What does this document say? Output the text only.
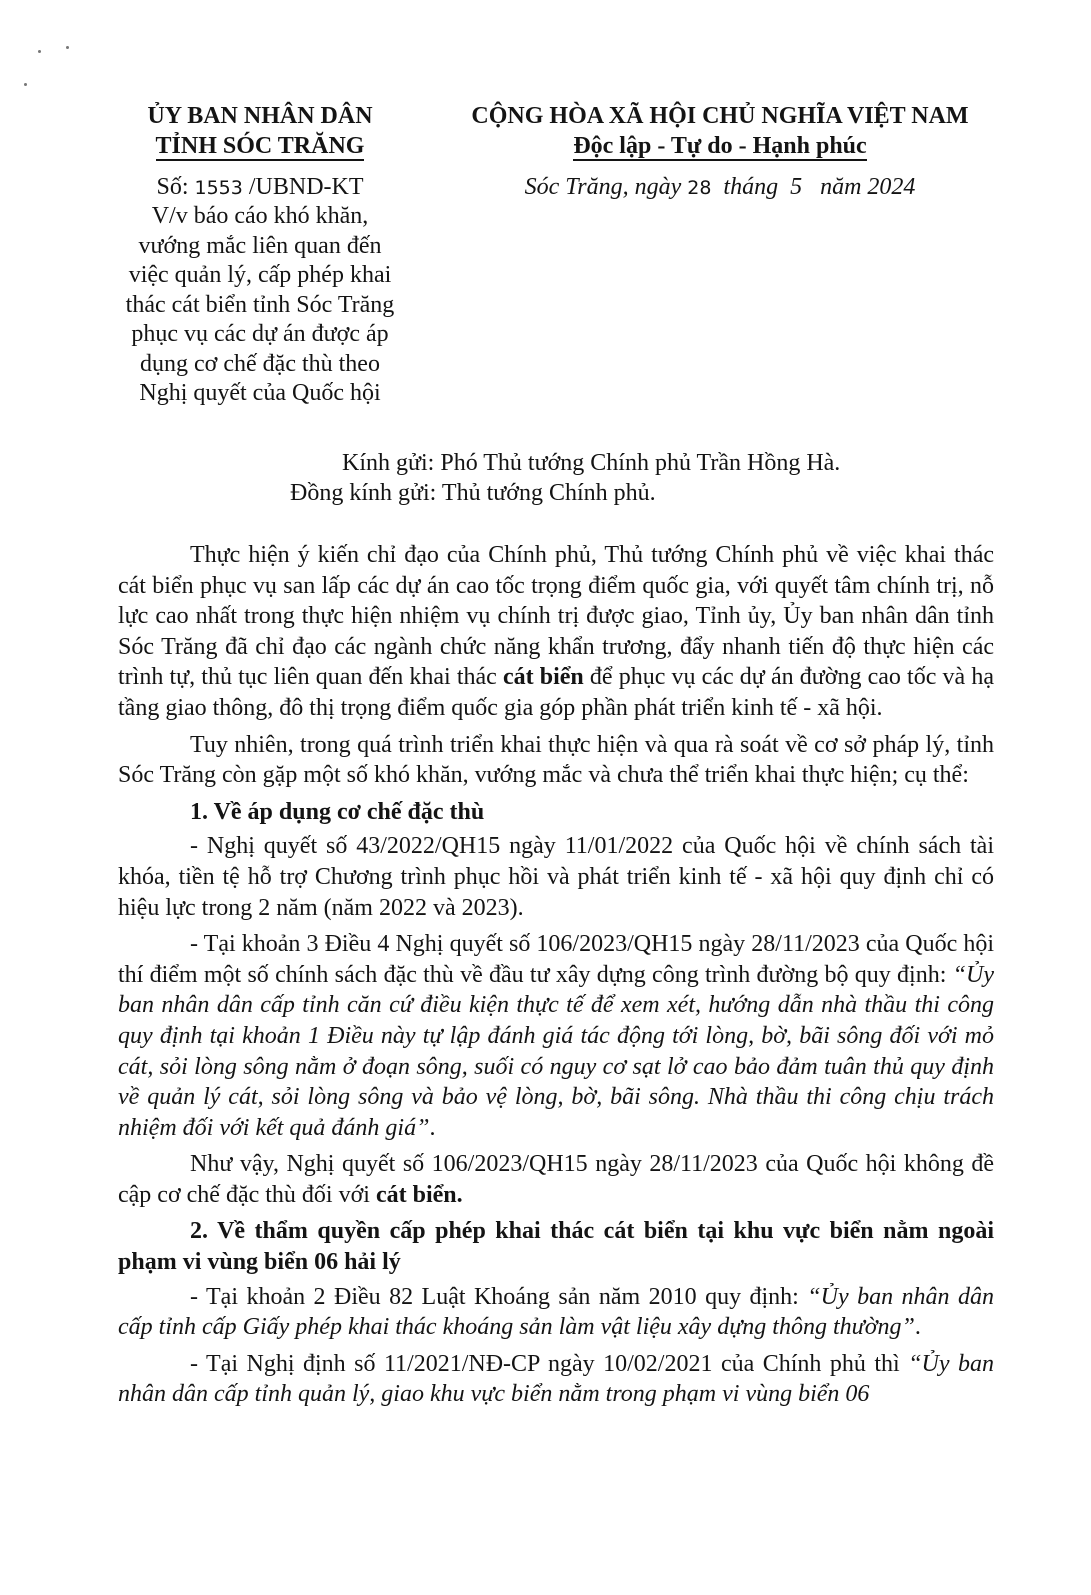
ỦY BAN NHÂN DÂN
TỈNH SÓC TRĂNG
CỘNG HÒA XÃ HỘI CHỦ NGHĨA VIỆT NAM
Độc lập - Tự do - Hạnh phúc
Số: 1553 /UBND-KT	Sóc Trăng, ngày 28  tháng  5   năm 2024
V/v báo cáo khó khăn,
vướng mắc liên quan đến
việc quản lý, cấp phép khai
thác cát biển tỉnh Sóc Trăng
phục vụ các dự án được áp
dụng cơ chế đặc thù theo
Nghị quyết của Quốc hội
Kính gửi: Phó Thủ tướng Chính phủ Trần Hồng Hà.
Đồng kính gửi: Thủ tướng Chính phủ.

Thực hiện ý kiến chỉ đạo của Chính phủ, Thủ tướng Chính phủ về việc khai thác cát biển phục vụ san lấp các dự án cao tốc trọng điểm quốc gia, với quyết tâm chính trị, nỗ lực cao nhất trong thực hiện nhiệm vụ chính trị được giao, Tỉnh ủy, Ủy ban nhân dân tỉnh Sóc Trăng đã chỉ đạo các ngành chức năng khẩn trương, đẩy nhanh tiến độ thực hiện các trình tự, thủ tục liên quan đến khai thác cát biển để phục vụ các dự án đường cao tốc và hạ tầng giao thông, đô thị trọng điểm quốc gia góp phần phát triển kinh tế - xã hội.

Tuy nhiên, trong quá trình triển khai thực hiện và qua rà soát về cơ sở pháp lý, tỉnh Sóc Trăng còn gặp một số khó khăn, vướng mắc và chưa thể triển khai thực hiện; cụ thể:

1. Về áp dụng cơ chế đặc thù

- Nghị quyết số 43/2022/QH15 ngày 11/01/2022 của Quốc hội về chính sách tài khóa, tiền tệ hỗ trợ Chương trình phục hồi và phát triển kinh tế - xã hội quy định chỉ có hiệu lực trong 2 năm (năm 2022 và 2023).

- Tại khoản 3 Điều 4 Nghị quyết số 106/2023/QH15 ngày 28/11/2023 của Quốc hội thí điểm một số chính sách đặc thù về đầu tư xây dựng công trình đường bộ quy định: “Ủy ban nhân dân cấp tỉnh căn cứ điều kiện thực tế để xem xét, hướng dẫn nhà thầu thi công quy định tại khoản 1 Điều này tự lập đánh giá tác động tới lòng, bờ, bãi sông đối với mỏ cát, sỏi lòng sông nằm ở đoạn sông, suối có nguy cơ sạt lở cao bảo đảm tuân thủ quy định về quản lý cát, sỏi lòng sông và bảo vệ lòng, bờ, bãi sông. Nhà thầu thi công chịu trách nhiệm đối với kết quả đánh giá”.

Như vậy, Nghị quyết số 106/2023/QH15 ngày 28/11/2023 của Quốc hội không đề cập cơ chế đặc thù đối với cát biển.

2. Về thẩm quyền cấp phép khai thác cát biển tại khu vực biển nằm ngoài phạm vi vùng biển 06 hải lý

- Tại khoản 2 Điều 82 Luật Khoáng sản năm 2010 quy định: “Ủy ban nhân dân cấp tỉnh cấp Giấy phép khai thác khoáng sản làm vật liệu xây dựng thông thường”.

- Tại Nghị định số 11/2021/NĐ-CP ngày 10/02/2021 của Chính phủ thì “Ủy ban nhân dân cấp tỉnh quản lý, giao khu vực biển nằm trong phạm vi vùng biển 06
